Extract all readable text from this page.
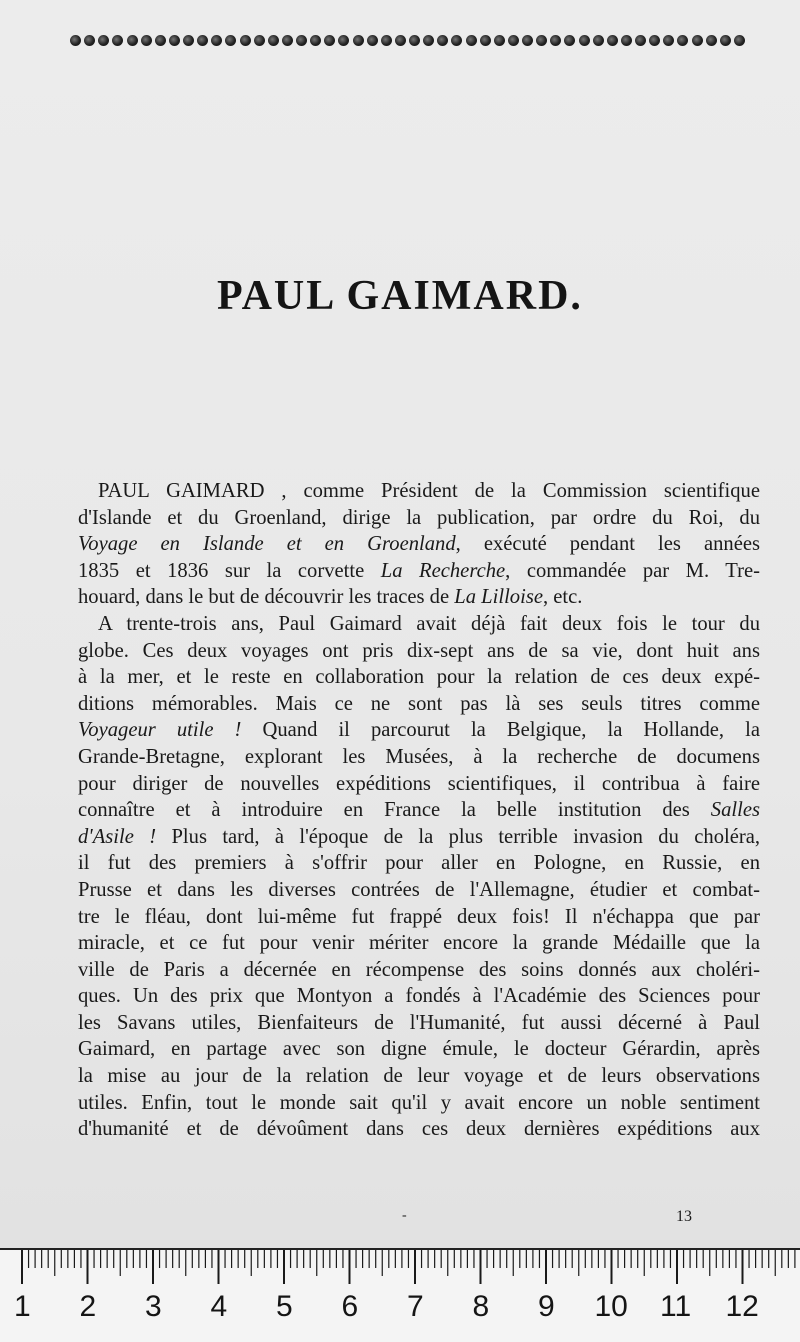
PAUL GAIMARD.
PAUL GAIMARD , comme Président de la Commission scientifique
d'Islande et du Groenland, dirige la publication, par ordre du Roi, du
Voyage en Islande et en Groenland, exécuté pendant les années
1835 et 1836 sur la corvette La Recherche, commandée par M. Tre-
houard, dans le but de découvrir les traces de La Lilloise, etc.
A trente-trois ans, Paul Gaimard avait déjà fait deux fois le tour du
globe. Ces deux voyages ont pris dix-sept ans de sa vie, dont huit ans
à la mer, et le reste en collaboration pour la relation de ces deux expé-
ditions mémorables. Mais ce ne sont pas là ses seuls titres comme
Voyageur utile ! Quand il parcourut la Belgique, la Hollande, la
Grande-Bretagne, explorant les Musées, à la recherche de documens
pour diriger de nouvelles expéditions scientifiques, il contribua à faire
connaître et à introduire en France la belle institution des Salles
d'Asile ! Plus tard, à l'époque de la plus terrible invasion du choléra,
il fut des premiers à s'offrir pour aller en Pologne, en Russie, en
Prusse et dans les diverses contrées de l'Allemagne, étudier et combat-
tre le fléau, dont lui-même fut frappé deux fois! Il n'échappa que par
miracle, et ce fut pour venir mériter encore la grande Médaille que la
ville de Paris a décernée en récompense des soins donnés aux choléri-
ques. Un des prix que Montyon a fondés à l'Académie des Sciences pour
les Savans utiles, Bienfaiteurs de l'Humanité, fut aussi décerné à Paul
Gaimard, en partage avec son digne émule, le docteur Gérardin, après
la mise au jour de la relation de leur voyage et de leurs observations
utiles. Enfin, tout le monde sait qu'il y avait encore un noble sentiment
d'humanité et de dévoûment dans ces deux dernières expéditions aux
-	13
1 2 3 4 5 6 7 8 9 10 11 12
